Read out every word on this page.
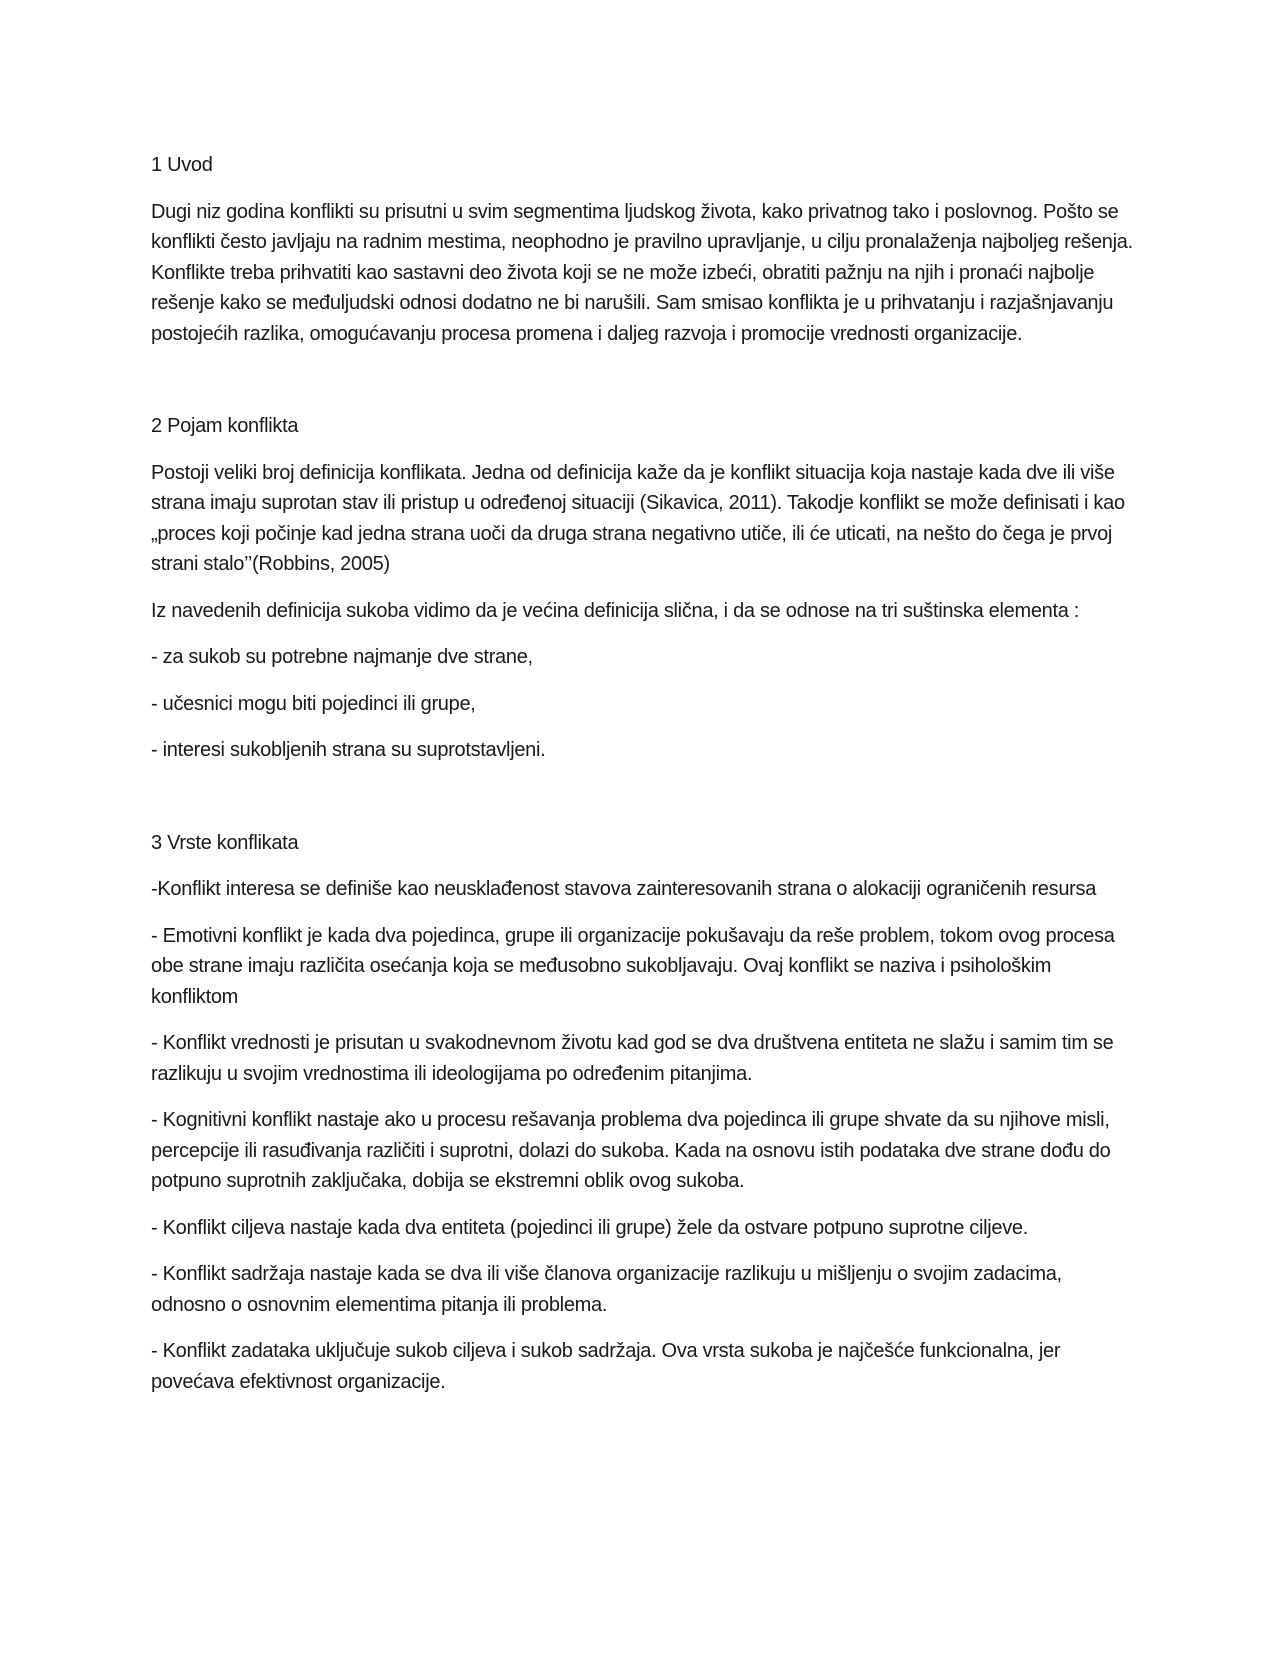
1 Uvod

Dugi niz godina konflikti su prisutni u svim segmentima ljudskog života, kako privatnog tako i poslovnog. Pošto se konflikti često javljaju na radnim mestima, neophodno je pravilno upravljanje, u cilju pronalaženja najboljeg rešenja. Konflikte treba prihvatiti kao sastavni deo života koji se ne može izbeći, obratiti pažnju na njih i pronaći najbolje rešenje kako se međuljudski odnosi dodatno ne bi narušili. Sam smisao konflikta je u prihvatanju i razjašnjavanju postojećih razlika, omogućavanju procesa promena i daljeg razvoja i promocije vrednosti organizacije.

2 Pojam konflikta

Postoji veliki broj definicija konflikata. Jedna od definicija kaže da je konflikt situacija koja nastaje kada dve ili više strana imaju suprotan stav ili pristup u određenoj situaciji (Sikavica, 2011). Takodje konflikt se može definisati i kao „proces koji počinje kad jedna strana uoči da druga strana negativno utiče, ili će uticati, na nešto do čega je prvoj strani stalo’’(Robbins, 2005)

Iz navedenih definicija sukoba vidimo da je većina definicija slična, i da se odnose na tri suštinska elementa :

- za sukob su potrebne najmanje dve strane,

- učesnici mogu biti pojedinci ili grupe,

- interesi sukobljenih strana su suprotstavljeni.

3 Vrste konflikata

-Konflikt interesa se definiše kao neusklađenost stavova zainteresovanih strana o alokaciji ograničenih resursa

- Emotivni konflikt je kada dva pojedinca, grupe ili organizacije pokušavaju da reše problem, tokom ovog procesa obe strane imaju različita osećanja koja se međusobno sukobljavaju. Ovaj konflikt se naziva i psihološkim konfliktom

- Konflikt vrednosti je prisutan u svakodnevnom životu kad god se dva društvena entiteta ne slažu i samim tim se razlikuju u svojim vrednostima ili ideologijama po određenim pitanjima.

- Kognitivni konflikt nastaje ako u procesu rešavanja problema dva pojedinca ili grupe shvate da su njihove misli, percepcije ili rasuđivanja različiti i suprotni, dolazi do sukoba. Kada na osnovu istih podataka dve strane dođu do potpuno suprotnih zaključaka, dobija se ekstremni oblik ovog sukoba.

- Konflikt ciljeva nastaje kada dva entiteta (pojedinci ili grupe) žele da ostvare potpuno suprotne ciljeve.

- Konflikt sadržaja nastaje kada se dva ili više članova organizacije razlikuju u mišljenju o svojim zadacima, odnosno o osnovnim elementima pitanja ili problema.

- Konflikt zadataka uključuje sukob ciljeva i sukob sadržaja. Ova vrsta sukoba je najčešće funkcionalna, jer povećava efektivnost organizacije.
